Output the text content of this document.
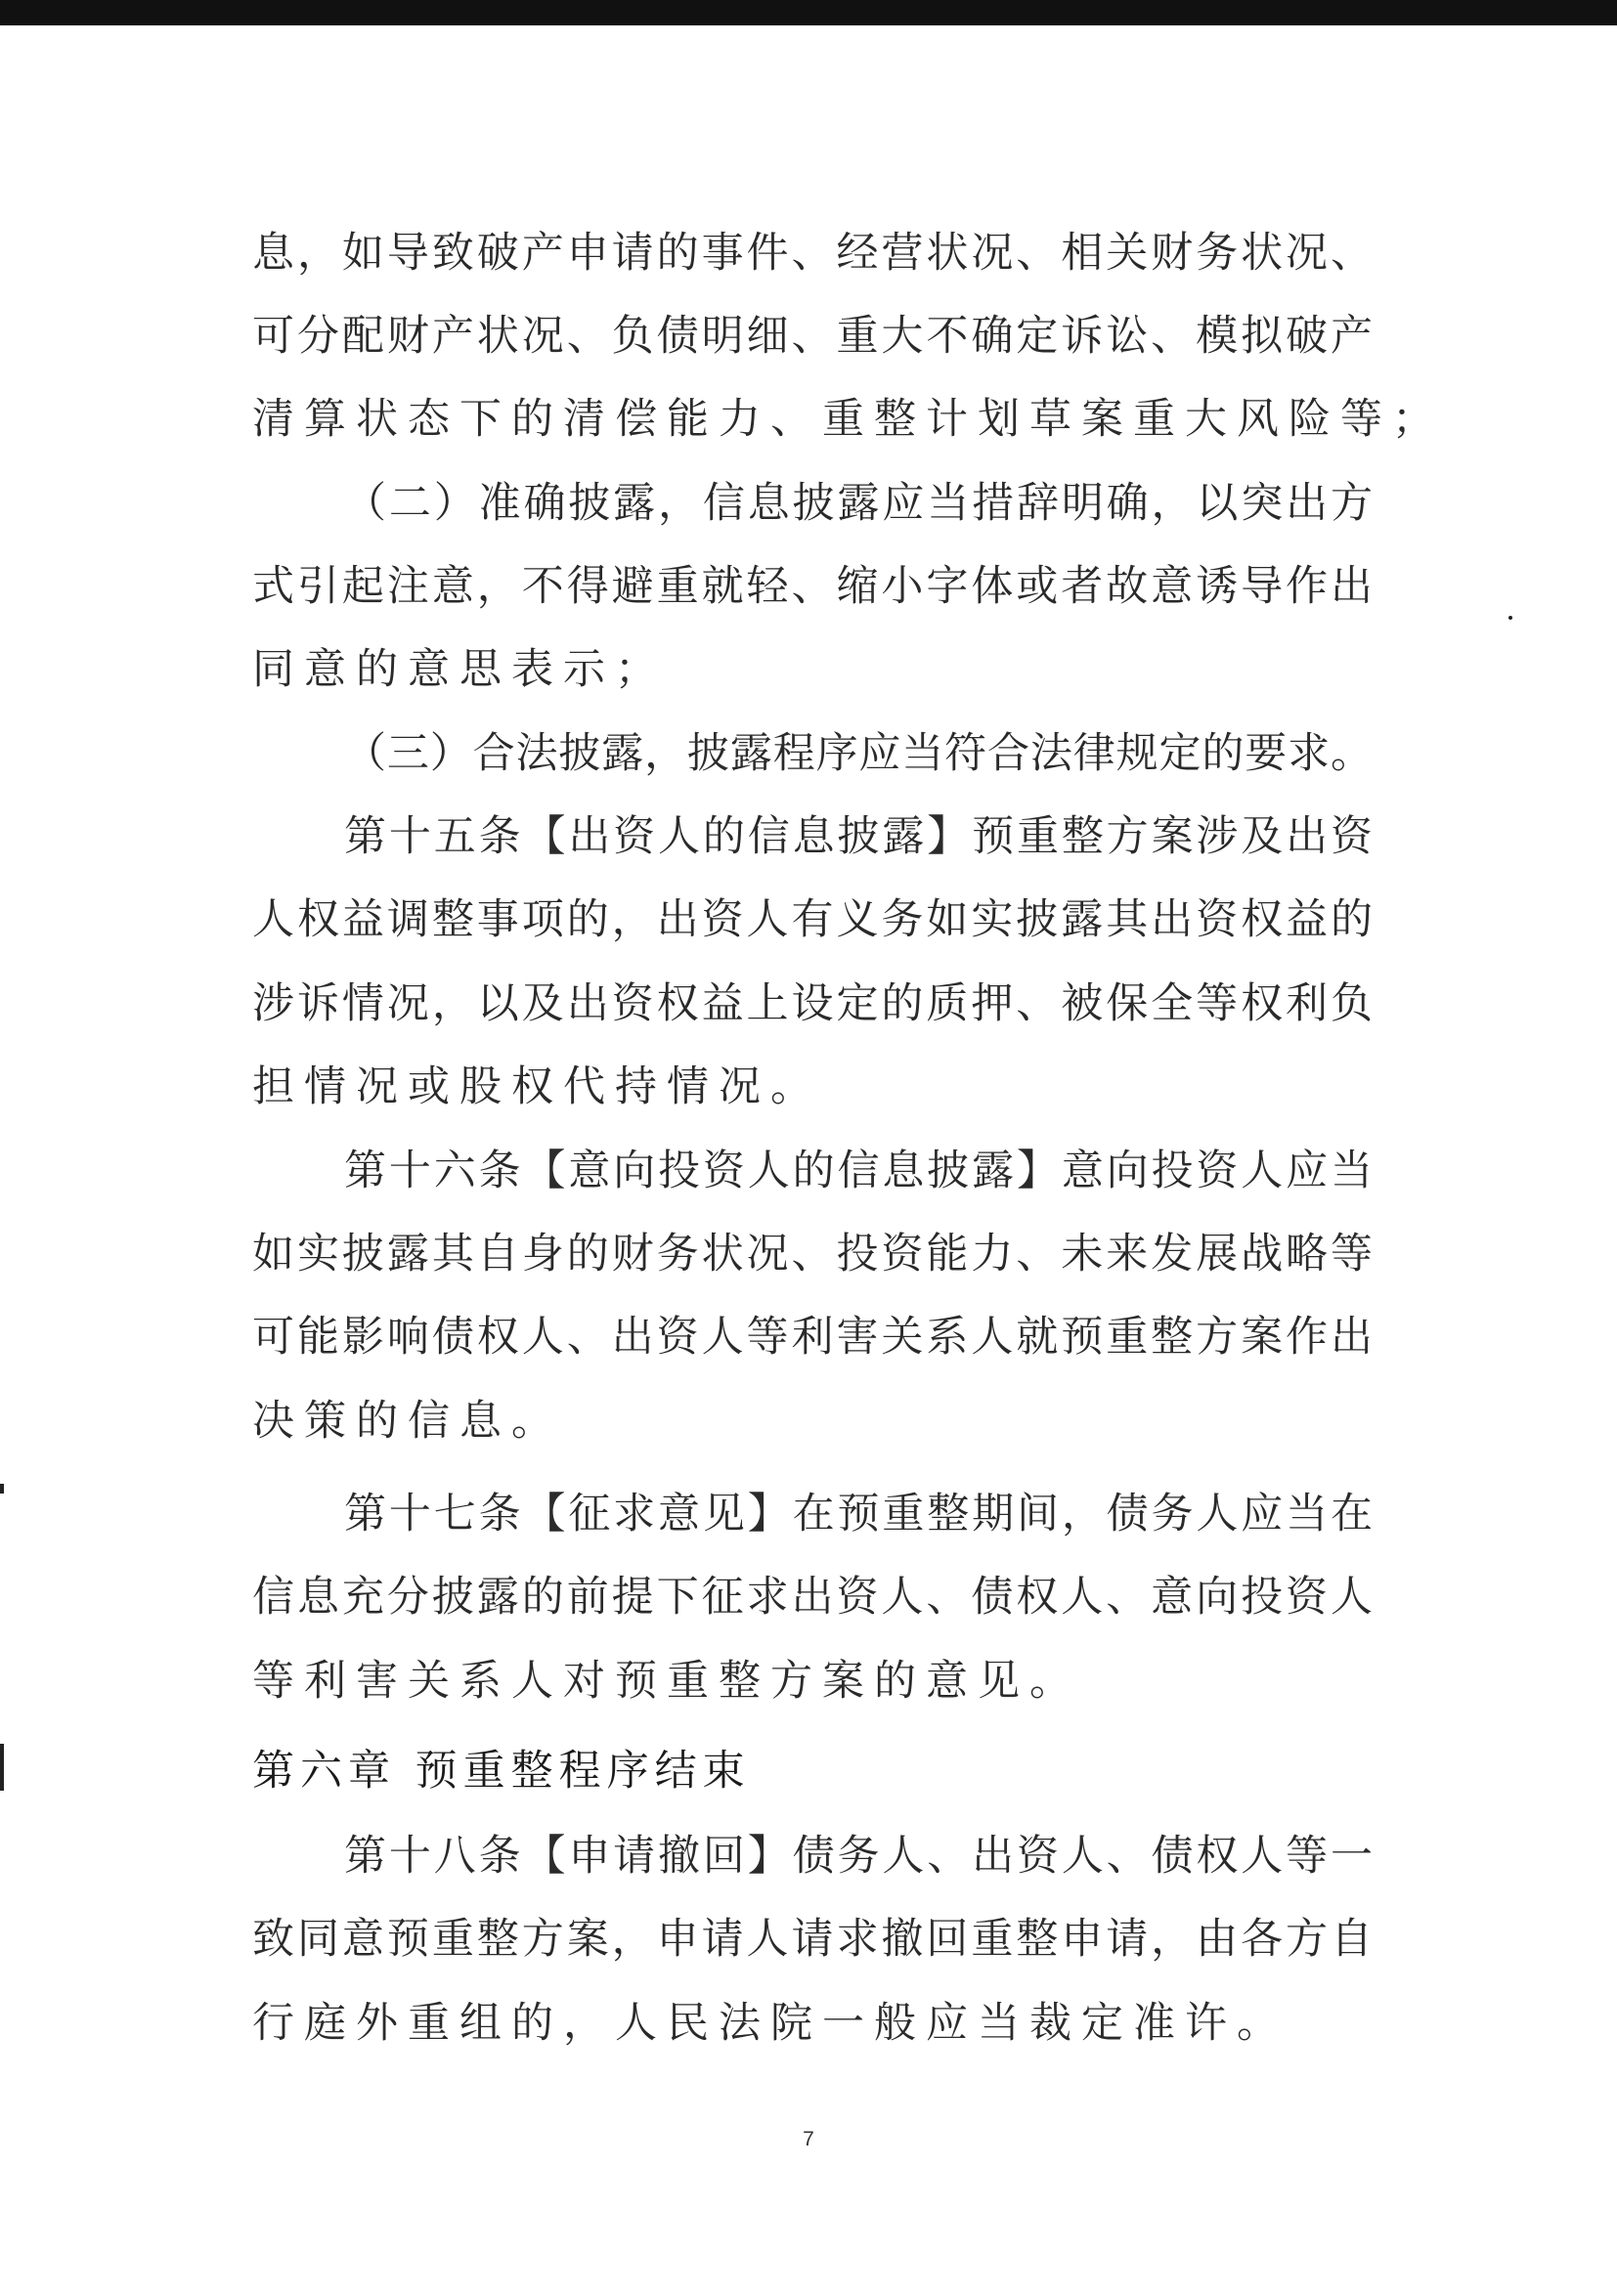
息，如导致破产申请的事件、经营状况、相关财务状况、
可分配财产状况、负债明细、重大不确定诉讼、模拟破产
清算状态下的清偿能力、重整计划草案重大风险等；
（二）准确披露，信息披露应当措辞明确，以突出方
式引起注意，不得避重就轻、缩小字体或者故意诱导作出
同意的意思表示；
（三）合法披露，披露程序应当符合法律规定的要求。
第十五条【出资人的信息披露】预重整方案涉及出资
人权益调整事项的，出资人有义务如实披露其出资权益的
涉诉情况，以及出资权益上设定的质押、被保全等权利负
担情况或股权代持情况。
第十六条【意向投资人的信息披露】意向投资人应当
如实披露其自身的财务状况、投资能力、未来发展战略等
可能影响债权人、出资人等利害关系人就预重整方案作出
决策的信息。
第十七条【征求意见】在预重整期间，债务人应当在
信息充分披露的前提下征求出资人、债权人、意向投资人
等利害关系人对预重整方案的意见。
第六章 预重整程序结束
第十八条【申请撤回】债务人、出资人、债权人等一
致同意预重整方案，申请人请求撤回重整申请，由各方自
行庭外重组的，人民法院一般应当裁定准许。
7
